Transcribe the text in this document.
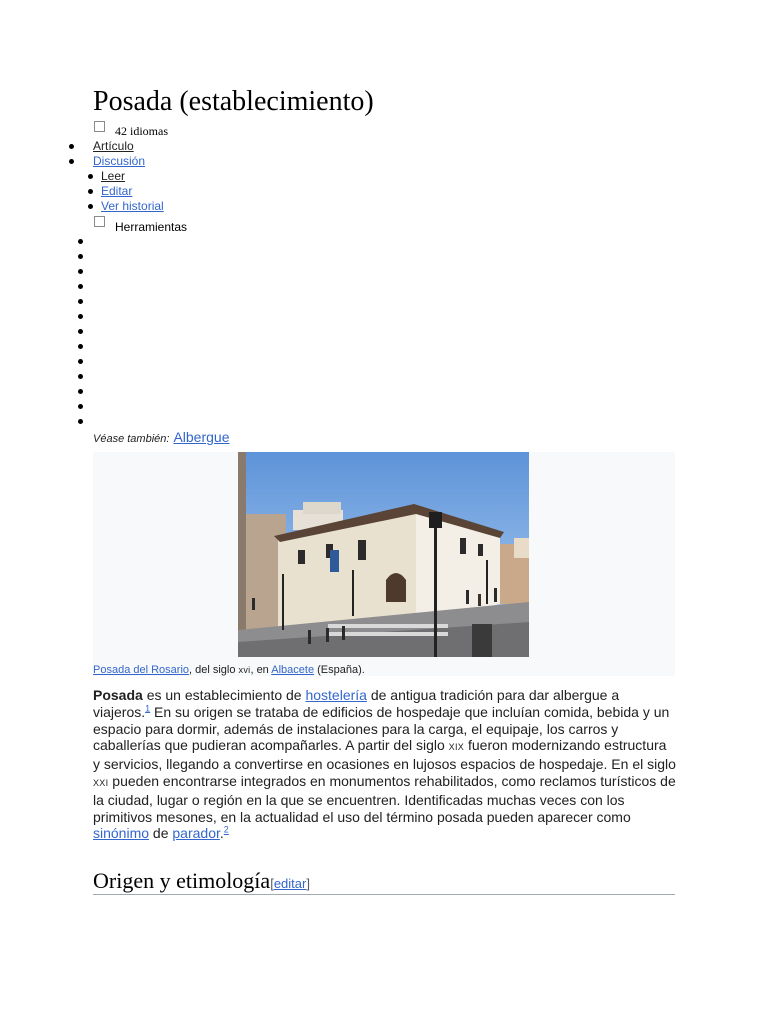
Posada (establecimiento)
42 idiomas
Artículo
Discusión
Leer
Editar
Ver historial
Herramientas
Véase también: Albergue
Posada del Rosario, del siglo xvi, en Albacete (España).

Posada es un establecimiento de hostelería de antigua tradición para dar albergue a viajeros.$^1$ En su origen se trataba de edificios de hospedaje que incluían comida, bebida y un espacio para dormir, además de instalaciones para la carga, el equipaje, los carros y caballerías que pudieran acompañarles. A partir del siglo XIX fueron modernizando estructura y servicios, llegando a convertirse en ocasiones en lujosos espacios de hospedaje. En el siglo XXI pueden encontrarse integrados en monumentos rehabilitados, como reclamos turísticos de la ciudad, lugar o región en la que se encuentren. Identificadas muchas veces con los primitivos mesones, en la actualidad el uso del término posada pueden aparecer como sinónimo de parador.$^2$

Origen y etimología[editar]
